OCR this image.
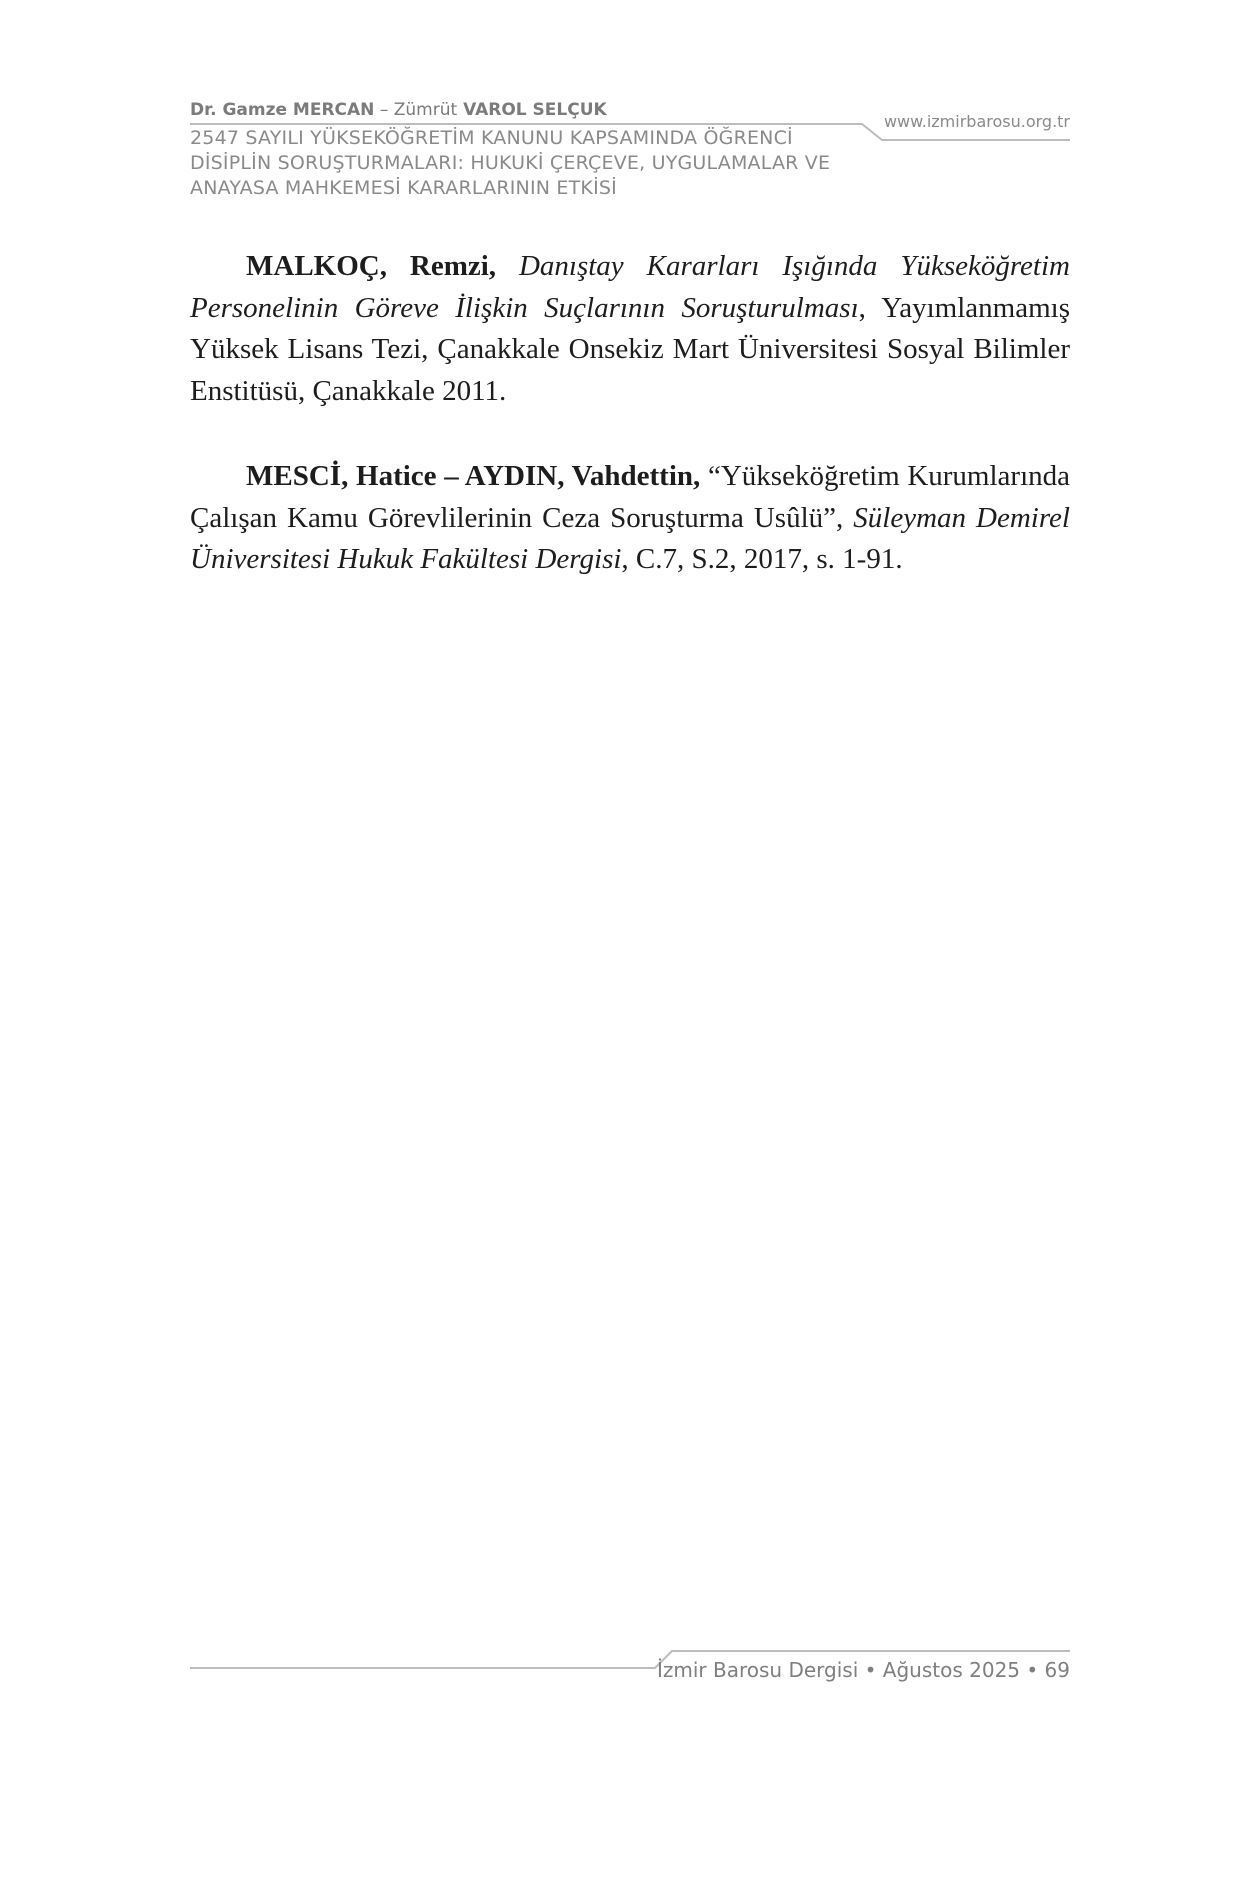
Dr. Gamze MERCAN – Zümrüt VAROL SELÇUK
2547 SAYILI YÜKSEKÖĞRETİM KANUNU KAPSAMINDA ÖĞRENCİ
DİSİPLİN SORUŞTURMALARI: HUKUKİ ÇERÇEVE, UYGULAMALAR VE
ANAYASA MAHKEMESİ KARARLARININ ETKİSİ
www.izmirbarosu.org.tr

MALKOÇ, Remzi, Danıştay Kararları Işığında Yükseköğretim Personelinin Göreve İlişkin Suçlarının Soruşturulması, Yayımlanmamış Yüksek Lisans Tezi, Çanakkale Onsekiz Mart Üniversitesi Sosyal Bilimler Enstitüsü, Çanakkale 2011.

MESCİ, Hatice – AYDIN, Vahdettin, “Yükseköğretim Kurumlarında Çalışan Kamu Görevlilerinin Ceza Soruşturma Usûlü”, Süleyman Demirel Üniversitesi Hukuk Fakültesi Dergisi, C.7, S.2, 2017, s. 1-91.

İzmir Barosu Dergisi • Ağustos 2025 • 69
